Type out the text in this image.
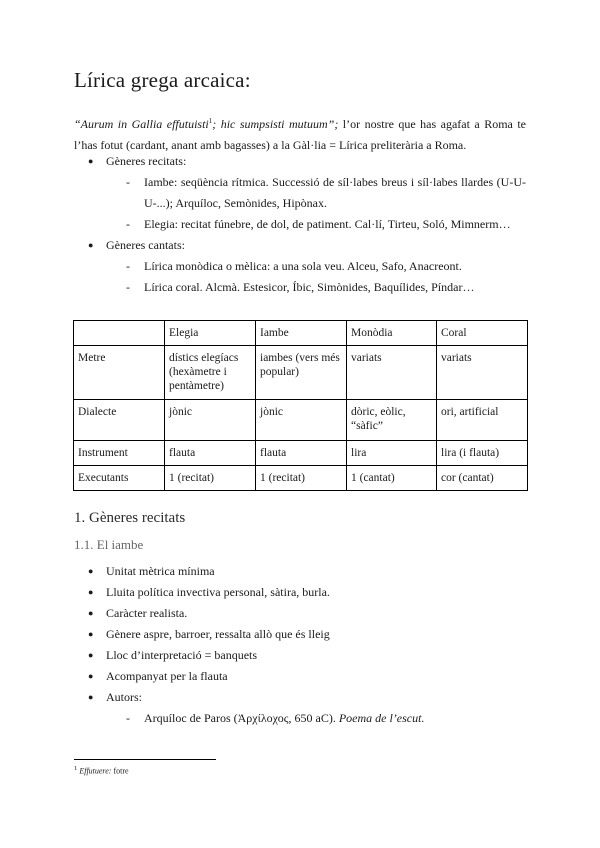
Lírica grega arcaica:

“Aurum in Gallia effutuisti$^1$; hic sumpsisti mutuum”; l’or nostre que has agafat a Roma te l’has fotut (cardant, anant amb bagasses) a la Gàl·lia = Lírica preliterària a Roma.

● Gèneres recitats:
- Iambe: seqüència rítmica. Successió de síl·labes breus i síl·labes llardes (U-U-U-...); Arquíloc, Semònides, Hipònax.
- Elegia: recitat fúnebre, de dol, de patiment. Cal·lí, Tirteu, Soló, Mimnerm…
● Gèneres cantats:
- Lírica monòdica o mèlica: a una sola veu. Alceu, Safo, Anacreont.
- Lírica coral. Alcmà. Estesicor, Íbic, Simònides, Baquílides, Píndar…
	Elegia	Iambe	Monòdia	Coral
Metre	dístics elegíacs (hexàmetre i pentàmetre)	iambes (vers més popular)	variats	variats
Dialecte	jònic	jònic	dòric, eòlic, “sàfic”	ori, artificial
Instrument	flauta	flauta	lira	lira (i flauta)
Executants	1 (recitat)	1 (recitat)	1 (cantat)	cor (cantat)
1. Gèneres recitats
1.1. El iambe
● Unitat mètrica mínima
● Lluita política invectiva personal, sàtira, burla.
● Caràcter realista.
● Gènere aspre, barroer, ressalta allò que és lleig
● Lloc d’interpretació = banquets
● Acompanyat per la flauta
● Autors:
- Arquíloc de Paros (Ἀρχίλοχος, 650 aC). Poema de l’escut.
$^1$ Effutuere: fotre
